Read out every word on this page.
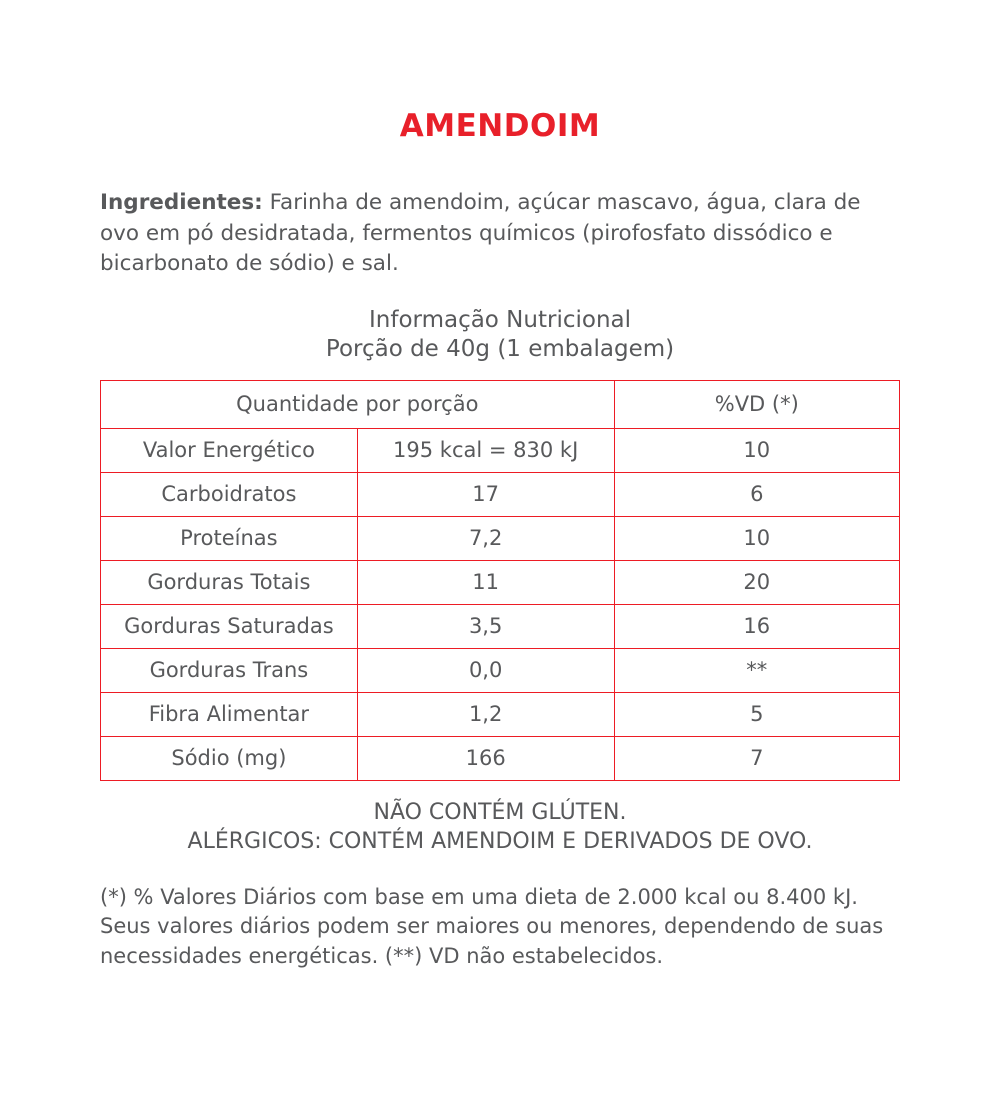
AMENDOIM
Ingredientes: Farinha de amendoim, açúcar mascavo, água, clara de ovo em pó desidratada, fermentos químicos (pirofosfato dissódico e bicarbonato de sódio) e sal.
Informação Nutricional
Porção de 40g (1 embalagem)
Quantidade por porção		%VD (*)
Valor Energético	195 kcal = 830 kJ	10
Carboidratos	17	6
Proteínas	7,2	10
Gorduras Totais	11	20
Gorduras Saturadas	3,5	16
Gorduras Trans	0,0	**
Fibra Alimentar	1,2	5
Sódio (mg)	166	7
NÃO CONTÉM GLÚTEN.
ALÉRGICOS: CONTÉM AMENDOIM E DERIVADOS DE OVO.
(*) % Valores Diários com base em uma dieta de 2.000 kcal ou 8.400 kJ. Seus valores diários podem ser maiores ou menores, dependendo de suas necessidades energéticas. (**) VD não estabelecidos.
